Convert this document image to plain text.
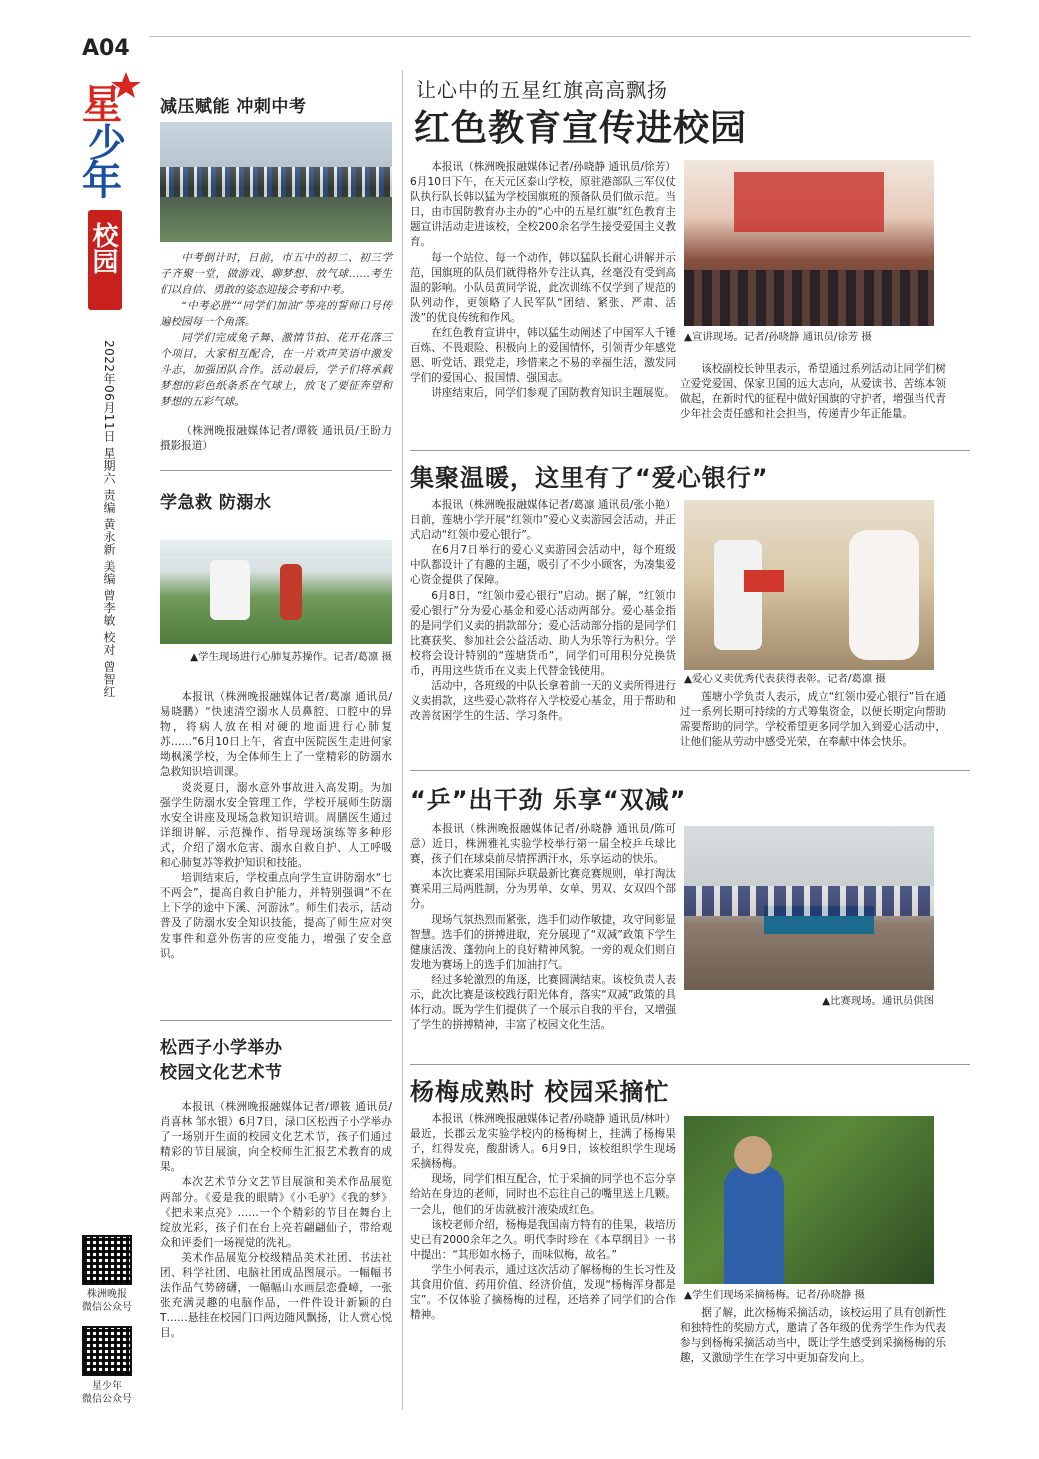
A04
星
少
年
校园
2022年06月11日 星期六 责编 黄永新 美编 曾李敏 校对 曾智红
株洲晚报
微信公众号
星少年
微信公众号
减压赋能 冲刺中考

中考倒计时，日前，市五中的初二、初三学子齐聚一堂，做游戏、聊梦想、放气球……考生们以自信、勇敢的姿态迎接会考和中考。

“中考必胜”“同学们加油”等亮的誓师口号传遍校园每一个角落。

同学们完成兔子舞、激情节拍、花开花落三个项目，大家相互配合，在一片欢声笑语中激发斗志，加强团队合作。活动最后，学子们将承载梦想的彩色纸条系在气球上，放飞了要征奔望和梦想的五彩气球。

（株洲晚报融媒体记者/谭筱 通讯员/王盼力 摄影报道）
学急救 防溺水
▲学生现场进行心肺复苏操作。记者/葛凛 摄

本报讯（株洲晚报融媒体记者/葛凛 通讯员/易晓鹏）“快速清空溺水人员鼻腔、口腔中的异物，将病人放在相对硬的地面进行心肺复苏……”6月10日上午，省直中医院医生走进何家坳枫溪学校，为全体师生上了一堂精彩的防溺水急救知识培训课。

炎炎夏日，溺水意外事故进入高发期。为加强学生防溺水安全管理工作，学校开展师生防溺水安全讲座及现场急救知识培训。周膳医生通过详细讲解、示范操作、指导现场演练等多种形式，介绍了溺水危害、溺水自救自护、人工呼吸和心肺复苏等救护知识和技能。

培训结束后，学校重点向学生宣讲防溺水“七不两会”，提高自救自护能力，并特别强调“不在上下学的途中下溪、河游泳”。师生们表示，活动普及了防溺水安全知识技能，提高了师生应对突发事件和意外伤害的应变能力，增强了安全意识。

松西子小学举办
校园文化艺术节

本报讯（株洲晚报融媒体记者/谭筱 通讯员/肖喜林 邹水银）6月7日，渌口区松西子小学举办了一场别开生面的校园文化艺术节，孩子们通过精彩的节目展演，向全校师生汇报艺术教育的成果。

本次艺术节分文艺节目展演和美术作品展览两部分。《爱是我的眼睛》《小毛驴》《我的梦》《把未来点亮》……一个个精彩的节目在舞台上绽放光彩，孩子们在台上亮若翩翩仙子，带给观众和评委们一场视觉的洗礼。

美术作品展览分校级精品美术社团、书法社团、科学社团、电脑社团成品图展示。一幅幅书法作品气势磅礴，一幅幅山水画层恋叠嶂，一张张充满灵趣的电脑作品，一件件设计新颖的白T……悬挂在校园门口两边随风飘扬，让人赏心悦目。

让心中的五星红旗高高飘扬
红色教育宣传进校园

本报讯（株洲晚报融媒体记者/孙晓静 通讯员/徐芳）6月10日下午，在天元区泰山学校，原驻港部队三军仪仗队执行队长韩以猛为学校国旗班的预备队员们做示范。当日，由市国防教育办主办的“心中的五星红旗”红色教育主题宣讲活动走进该校，全校200余名学生接受爱国主义教育。

每一个站位、每一个动作，韩以猛队长耐心讲解并示范，国旗班的队员们就得格外专注认真，丝毫没有受到高温的影响。小队员黄同学说，此次训练不仅学到了规范的队列动作，更领略了人民军队“团结、紧张、严肃、活泼”的优良传统和作风。

在红色教育宣讲中，韩以猛生动阐述了中国军人千锤百炼、不畏艰险、积极向上的爱国情怀，引领青少年感党恩、听党话、跟党走，珍惜来之不易的幸福生活，激发同学们的爱国心、报国情、强国志。

讲座结束后，同学们参观了国防教育知识主题展览。

▲宣讲现场。记者/孙晓静 通讯员/徐芳 摄

该校副校长钟里表示，希望通过系列活动让同学们树立爱党爱国、保家卫国的远大志向，从爱读书、苦练本领做起，在新时代的征程中做好国旗的守护者，增强当代青少年社会责任感和社会担当，传递青少年正能量。

集聚温暖，这里有了“爱心银行”

本报讯（株洲晚报融媒体记者/葛凛 通讯员/张小艳）日前，莲塘小学开展“红领巾”爱心义卖游园会活动，并正式启动“红领巾爱心银行”。

在6月7日举行的爱心义卖游园会活动中，每个班级中队都设计了有趣的主题，吸引了不少小顾客，为凑集爱心资金提供了保障。

6月8日，“红领巾爱心银行”启动。据了解，“红领巾爱心银行”分为爱心基金和爱心活动两部分。爱心基金指的是同学们义卖的捐款部分；爱心活动部分指的是同学们比赛获奖、参加社会公益活动、助人为乐等行为积分。学校将会设计特别的“莲塘货币”，同学们可用积分兑换货币，再用这些货币在义卖上代替金钱使用。

活动中，各班级的中队长拿着前一天的义卖所得进行义卖捐款，这些爱心款将存入学校爱心基金，用于帮助和改善贫困学生的生活、学习条件。

▲爱心义卖优秀代表获得表彰。记者/葛凛 摄

莲塘小学负责人表示，成立“红领巾爱心银行”旨在通过一系列长期可持续的方式筹集资金，以便长期定向帮助需要帮助的同学。学校希望更多同学加入到爱心活动中，让他们能从劳动中感受光荣，在奉献中体会快乐。

“乒”出干劲 乐享“双减”

本报讯（株洲晚报融媒体记者/孙晓静 通讯员/陈可意）近日，株洲雅礼实验学校举行第一届全校乒乓球比赛，孩子们在球桌前尽情挥洒汗水，乐享运动的快乐。

本次比赛采用国际乒联最新比赛竞赛规则，单打淘汰赛采用三局两胜制，分为男单、女单、男双、女双四个部分。

现场气氛热烈而紧张，选手们动作敏捷，攻守间彰显智慧。选手们的拼搏进取，充分展现了“双减”政策下学生健康活泼、蓬勃向上的良好精神风貌。一旁的观众们则自发地为赛场上的选手们加油打气。

经过多轮激烈的角逐，比赛圆满结束。该校负责人表示，此次比赛是该校践行阳光体育，落实“双减”政策的具体行动。既为学生们提供了一个展示自我的平台，又增强了学生的拼搏精神，丰富了校园文化生活。

▲比赛现场。通讯员供图
杨梅成熟时 校园采摘忙

本报讯（株洲晚报融媒体记者/孙晓静 通讯员/林叶）最近，长郡云龙实验学校内的杨梅树上，挂满了杨梅果子，红得发亮，酸甜诱人。6月9日，该校组织学生现场采摘杨梅。

现场，同学们相互配合，忙于采摘的同学也不忘分享给站在身边的老师，同时也不忘往自己的嘴里送上几颗。一会儿，他们的牙齿就被汁液染成红色。

该校老师介绍，杨梅是我国南方特有的佳果，栽培历史已有2000余年之久。明代李时珍在《本草纲目》一书中提出：“其形如水杨子，而味似梅，故名。”

学生小何表示，通过这次活动了解杨梅的生长习性及其食用价值、药用价值、经济价值，发现“杨梅浑身都是宝”。不仅体验了摘杨梅的过程，还培养了同学们的合作精神。

▲学生们现场采摘杨梅。记者/孙晓静 摄

据了解，此次杨梅采摘活动，该校运用了具有创新性和独特性的奖励方式，邀请了各年级的优秀学生作为代表参与到杨梅采摘活动当中，既让学生感受到采摘杨梅的乐趣，又激励学生在学习中更加奋发向上。
